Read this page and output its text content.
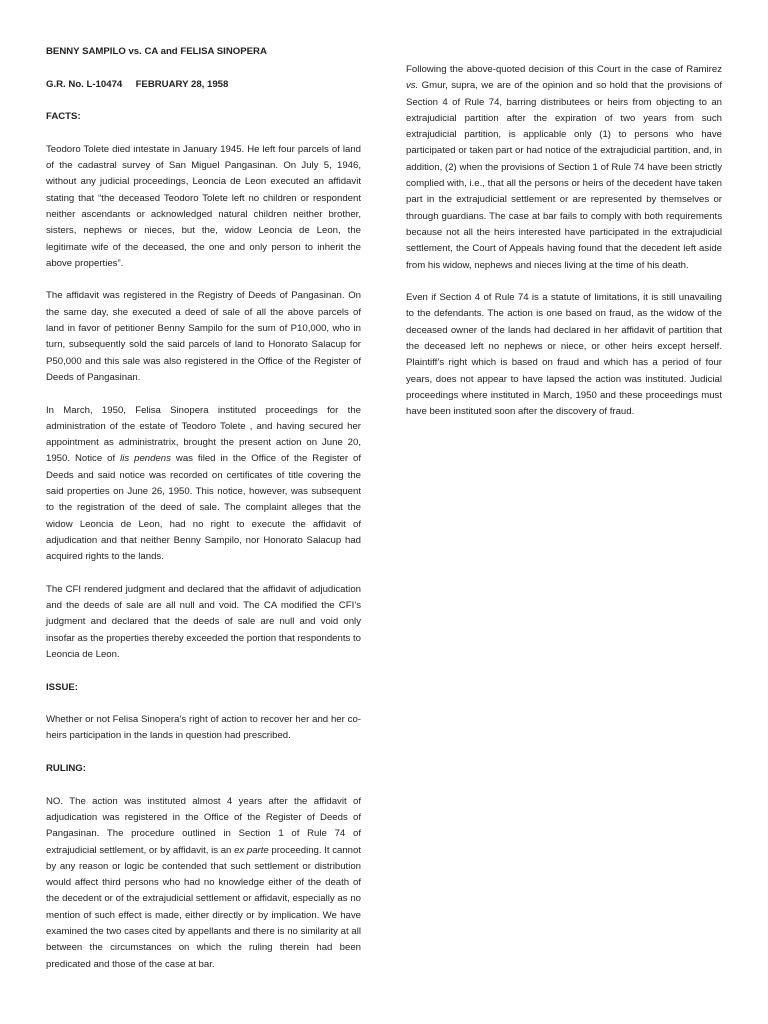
BENNY SAMPILO vs. CA and FELISA SINOPERA

G.R. No. L-10474     FEBRUARY 28, 1958

FACTS:

Teodoro Tolete died intestate in January 1945. He left four parcels of land of the cadastral survey of San Miguel Pangasinan. On July 5, 1946, without any judicial proceedings, Leoncia de Leon executed an affidavit stating that “the deceased Teodoro Tolete left no children or respondent neither ascendants or acknowledged natural children neither brother, sisters, nephews or nieces, but the, widow Leoncia de Leon, the legitimate wife of the deceased, the one and only person to inherit the above properties”.

The affidavit was registered in the Registry of Deeds of Pangasinan. On the same day, she executed a deed of sale of all the above parcels of land in favor of petitioner Benny Sampilo for the sum of P10,000, who in turn, subsequently sold the said parcels of land to Honorato Salacup for P50,000 and this sale was also registered in the Office of the Register of Deeds of Pangasinan.

In March, 1950, Felisa Sinopera instituted proceedings for the administration of the estate of Teodoro Tolete , and having secured her appointment as administratrix, brought the present action on June 20, 1950. Notice of lis pendens was filed in the Office of the Register of Deeds and said notice was recorded on certificates of title covering the said properties on June 26, 1950. This notice, however, was subsequent to the registration of the deed of sale. The complaint alleges that the widow Leoncia de Leon, had no right to execute the affidavit of adjudication and that neither Benny Sampilo, nor Honorato Salacup had acquired rights to the lands.

The CFI rendered judgment and declared that the affidavit of adjudication and the deeds of sale are all null and void. The CA modified the CFI’s judgment and declared that the deeds of sale are null and void only insofar as the properties thereby exceeded the portion that respondents to Leoncia de Leon.

ISSUE:

Whether or not Felisa Sinopera’s right of action to recover her and her co-heirs participation in the lands in question had prescribed.

RULING:

NO. The action was instituted almost 4 years after the affidavit of adjudication was registered in the Office of the Register of Deeds of Pangasinan. The procedure outlined in Section 1 of Rule 74 of extrajudicial settlement, or by affidavit, is an ex parte proceeding. It cannot by any reason or logic be contended that such settlement or distribution would affect third persons who had no knowledge either of the death of the decedent or of the extrajudicial settlement or affidavit, especially as no mention of such effect is made, either directly or by implication. We have examined the two cases cited by appellants and there is no similarity at all between the circumstances on which the ruling therein had been predicated and those of the case at bar.

Following the above-quoted decision of this Court in the case of Ramirez vs. Gmur, supra, we are of the opinion and so hold that the provisions of Section 4 of Rule 74, barring distributees or heirs from objecting to an extrajudicial partition after the expiration of two years from such extrajudicial partition, is applicable only (1) to persons who have participated or taken part or had notice of the extrajudicial partition, and, in addition, (2) when the provisions of Section 1 of Rule 74 have been strictly complied with, i.e., that all the persons or heirs of the decedent have taken part in the extrajudicial settlement or are represented by themselves or through guardians. The case at bar fails to comply with both requirements because not all the heirs interested have participated in the extrajudicial settlement, the Court of Appeals having found that the decedent left aside from his widow, nephews and nieces living at the time of his death.

Even if Section 4 of Rule 74 is a statute of limitations, it is still unavailing to the defendants. The action is one based on fraud, as the widow of the deceased owner of the lands had declared in her affidavit of partition that the deceased left no nephews or niece, or other heirs except herself. Plaintiff’s right which is based on fraud and which has a period of four years, does not appear to have lapsed the action was instituted. Judicial proceedings where instituted in March, 1950 and these proceedings must have been instituted soon after the discovery of fraud.
